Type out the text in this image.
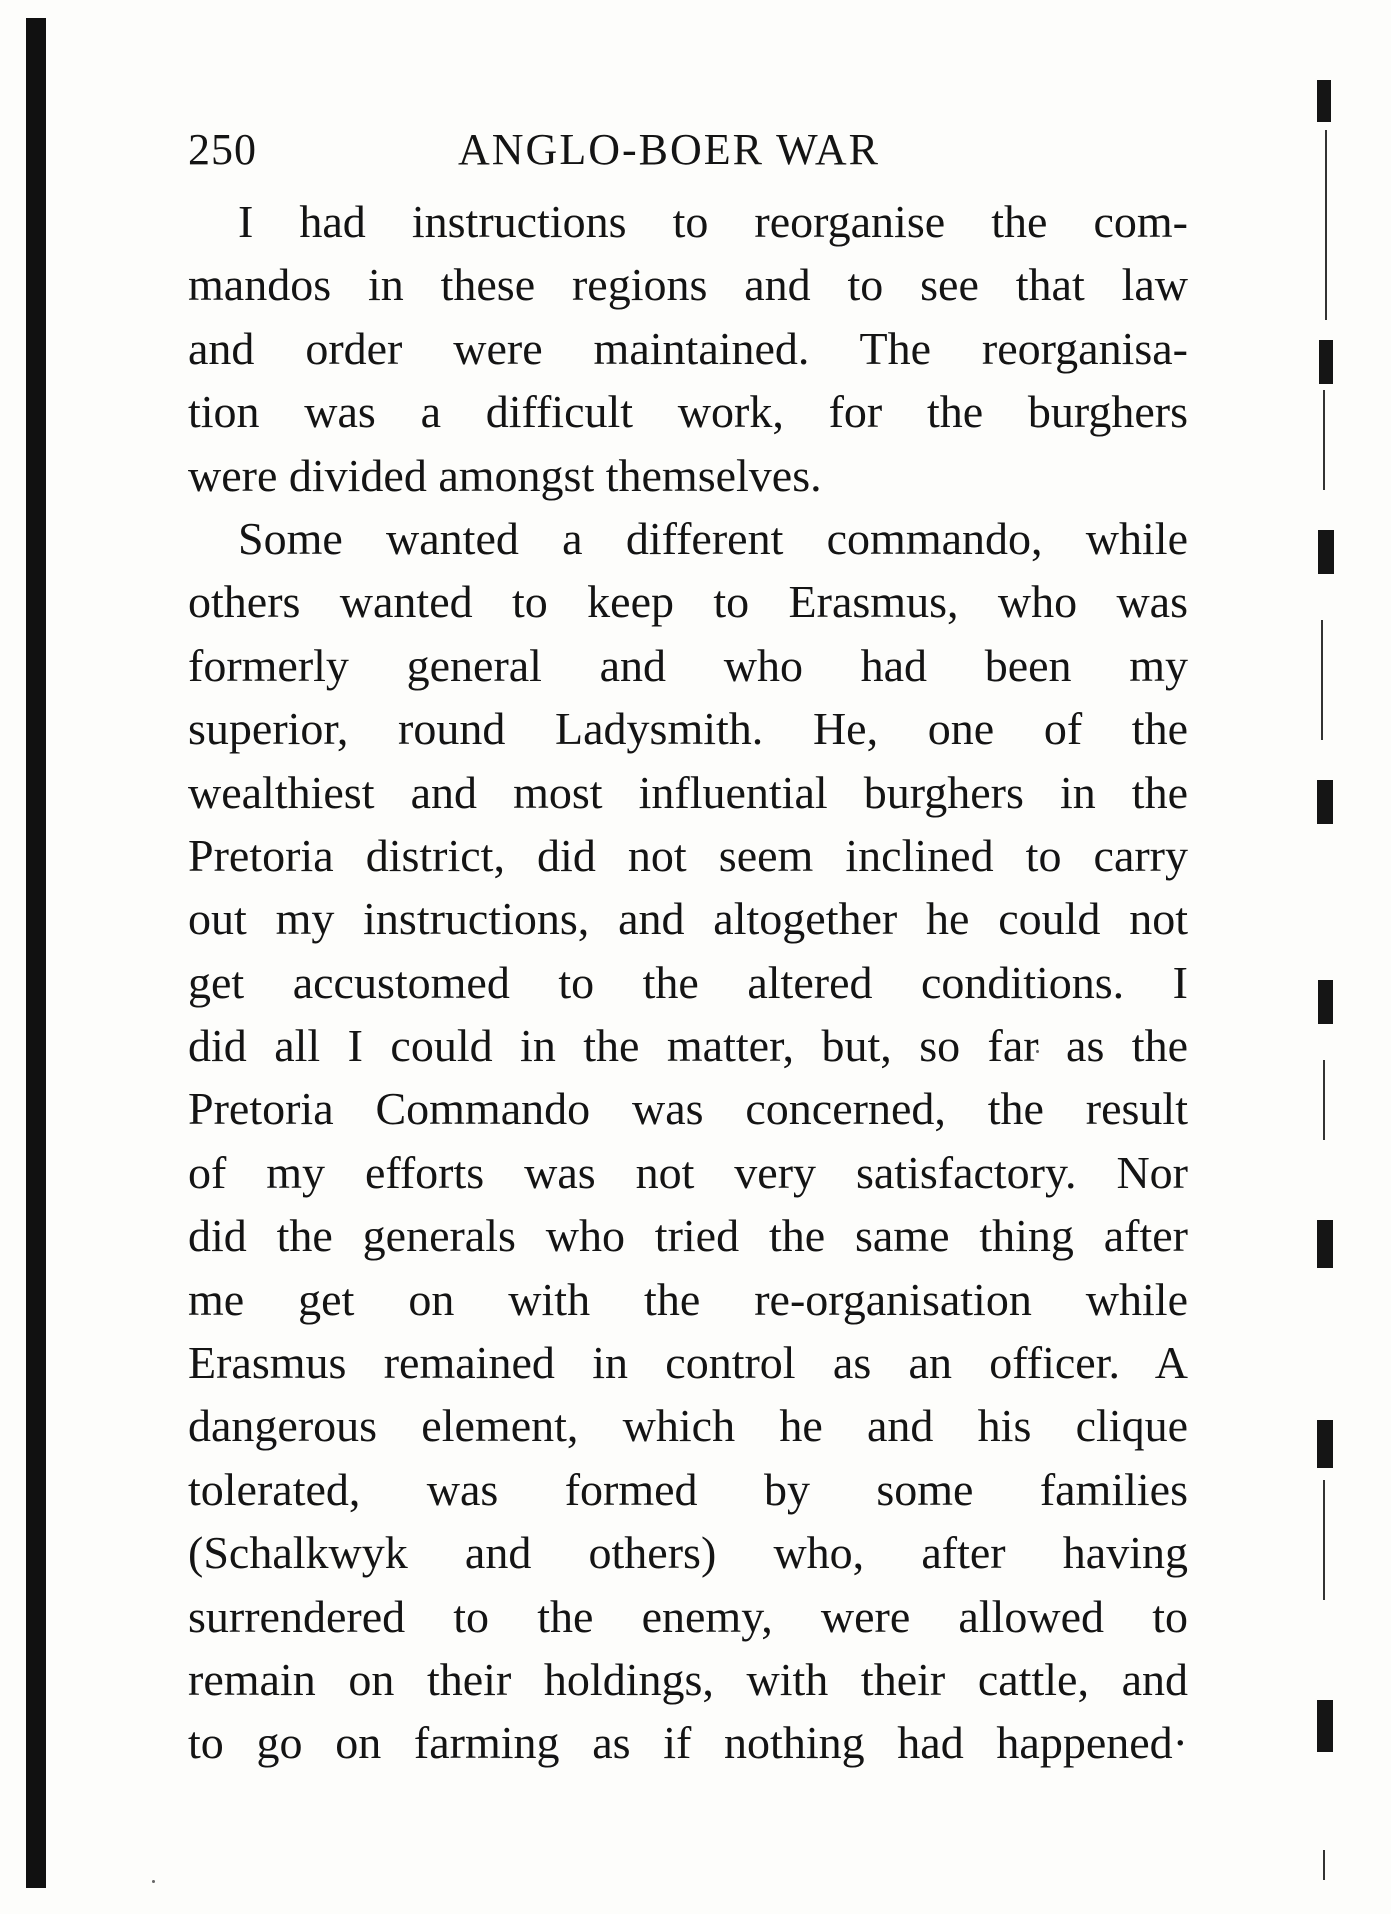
250	ANGLO-BOER WAR
I had instructions to reorganise the com-
mandos in these regions and to see that law
and order were maintained. The reorganisa-
tion was a difficult work, for the burghers
were divided amongst themselves.
Some wanted a different commando, while
others wanted to keep to Erasmus, who was
formerly general and who had been my
superior, round Ladysmith. He, one of the
wealthiest and most influential burghers in the
Pretoria district, did not seem inclined to carry
out my instructions, and altogether he could not
get accustomed to the altered conditions. I
did all I could in the matter, but, so far as the
Pretoria Commando was concerned, the result
of my efforts was not very satisfactory. Nor
did the generals who tried the same thing after
me get on with the re-organisation while
Erasmus remained in control as an officer. A
dangerous element, which he and his clique
tolerated, was formed by some families
(Schalkwyk and others) who, after having
surrendered to the enemy, were allowed to
remain on their holdings, with their cattle, and
to go on farming as if nothing had happened·
